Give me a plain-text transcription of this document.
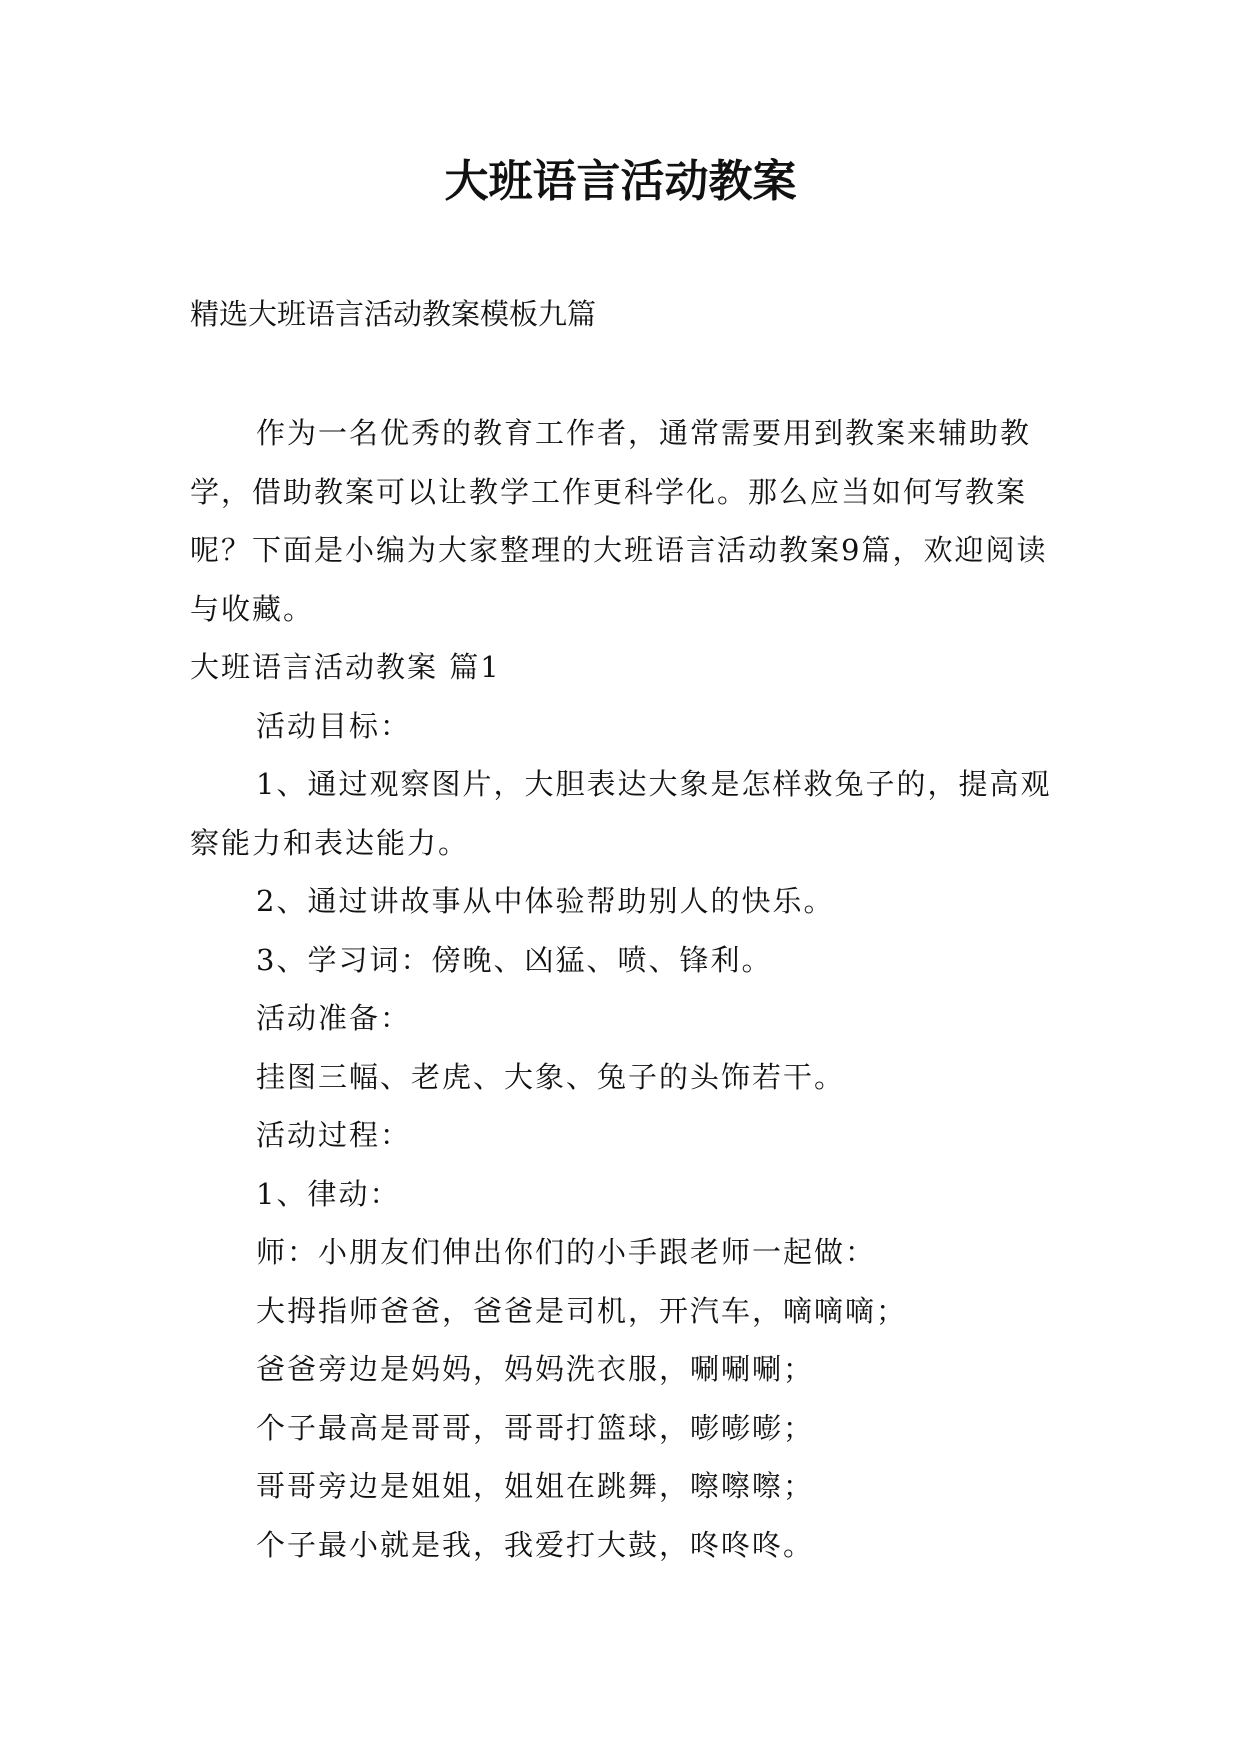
大班语言活动教案

精选大班语言活动教案模板九篇

作为一名优秀的教育工作者，通常需要用到教案来辅助教学，借助教案可以让教学工作更科学化。那么应当如何写教案呢？下面是小编为大家整理的大班语言活动教案9篇，欢迎阅读与收藏。

大班语言活动教案 篇1

活动目标：

1、通过观察图片，大胆表达大象是怎样救兔子的，提高观察能力和表达能力。

2、通过讲故事从中体验帮助别人的快乐。

3、学习词：傍晚、凶猛、喷、锋利。

活动准备：

挂图三幅、老虎、大象、兔子的头饰若干。

活动过程：

1、律动：

师：小朋友们伸出你们的小手跟老师一起做：

大拇指师爸爸，爸爸是司机，开汽车，嘀嘀嘀；

爸爸旁边是妈妈，妈妈洗衣服，唰唰唰；

个子最高是哥哥，哥哥打篮球，嘭嘭嘭；

哥哥旁边是姐姐，姐姐在跳舞，嚓嚓嚓；

个子最小就是我，我爱打大鼓，咚咚咚。
